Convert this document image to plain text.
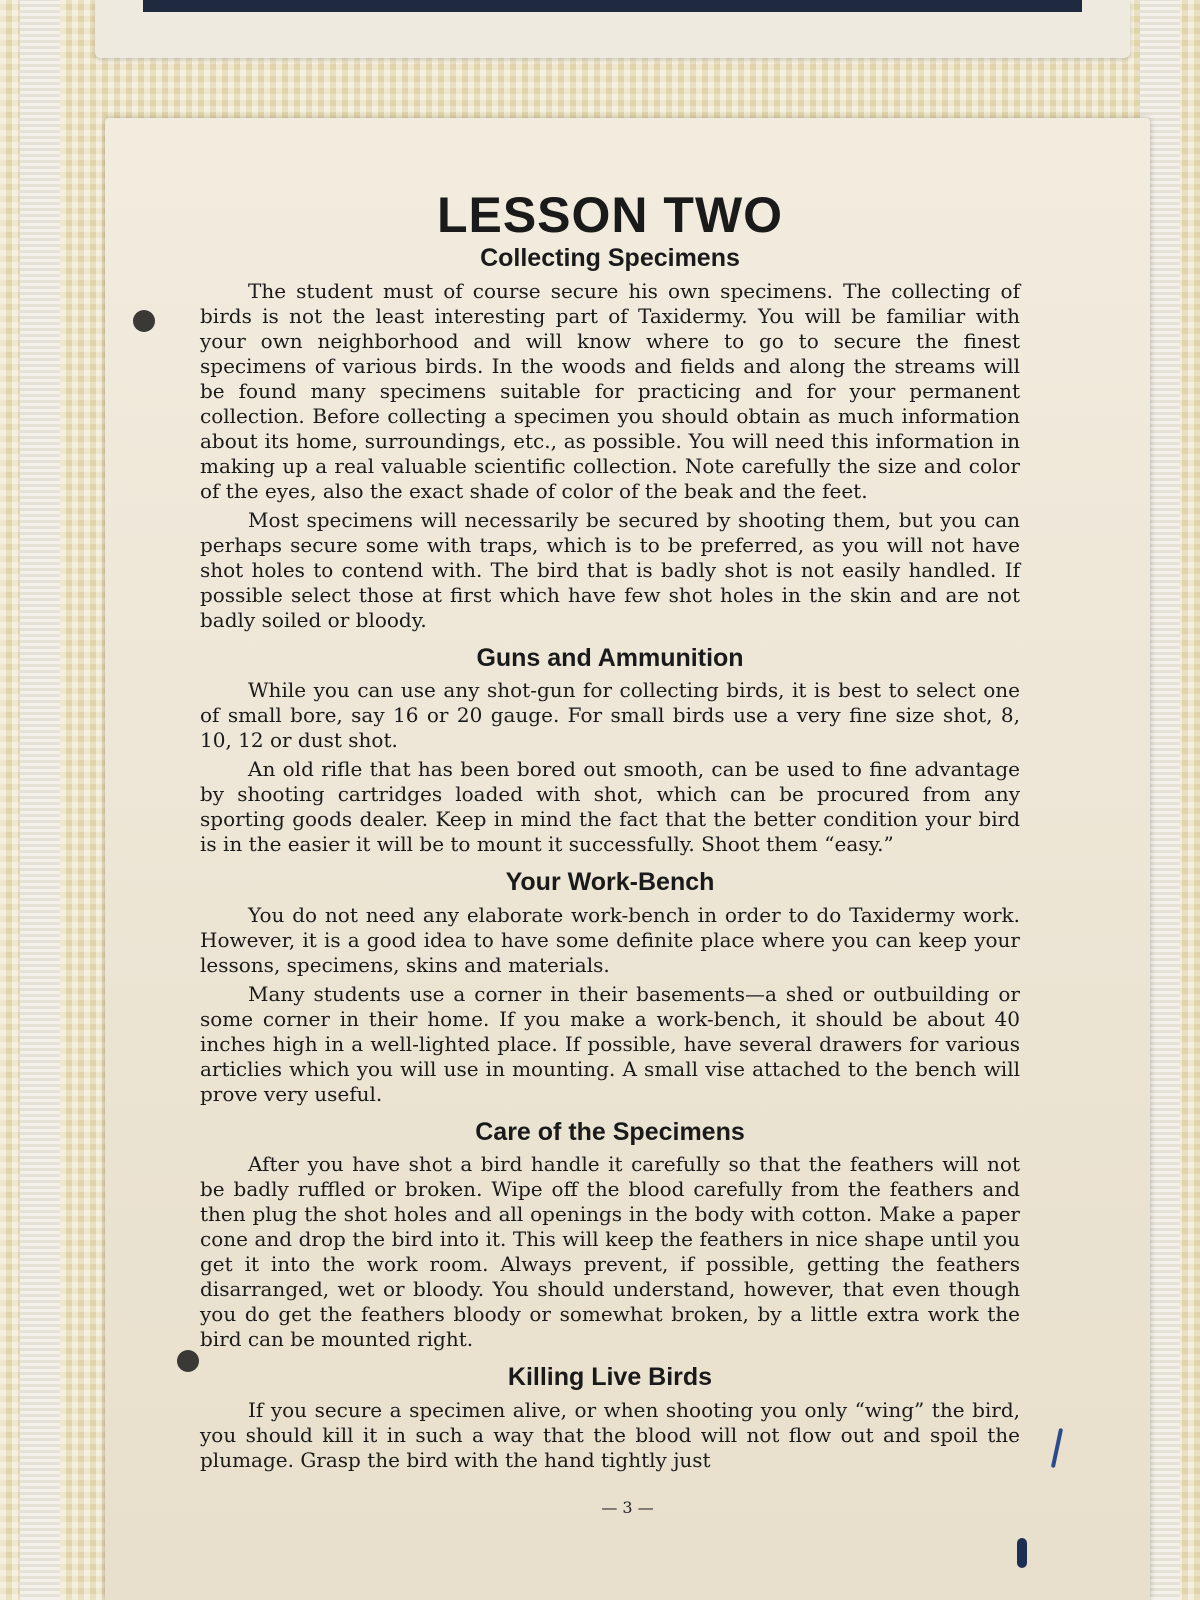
LESSON TWO
Collecting Specimens

The student must of course secure his own specimens. The collecting of birds is not the least interesting part of Taxidermy. You will be familiar with your own neighborhood and will know where to go to secure the finest specimens of various birds. In the woods and fields and along the streams will be found many specimens suitable for practicing and for your permanent collection. Before collecting a specimen you should obtain as much information about its home, surroundings, etc., as possible. You will need this information in making up a real valuable scientific collection. Note carefully the size and color of the eyes, also the exact shade of color of the beak and the feet.

Most specimens will necessarily be secured by shooting them, but you can perhaps secure some with traps, which is to be preferred, as you will not have shot holes to contend with. The bird that is badly shot is not easily handled. If possible select those at first which have few shot holes in the skin and are not badly soiled or bloody.

Guns and Ammunition

While you can use any shot-gun for collecting birds, it is best to select one of small bore, say 16 or 20 gauge. For small birds use a very fine size shot, 8, 10, 12 or dust shot.

An old rifle that has been bored out smooth, can be used to fine advantage by shooting cartridges loaded with shot, which can be procured from any sporting goods dealer. Keep in mind the fact that the better condition your bird is in the easier it will be to mount it successfully. Shoot them “easy.”

Your Work-Bench

You do not need any elaborate work-bench in order to do Taxidermy work. However, it is a good idea to have some definite place where you can keep your lessons, specimens, skins and materials.

Many students use a corner in their basements—a shed or outbuilding or some corner in their home. If you make a work-bench, it should be about 40 inches high in a well-lighted place. If possible, have several drawers for various articlies which you will use in mounting. A small vise attached to the bench will prove very useful.

Care of the Specimens

After you have shot a bird handle it carefully so that the feathers will not be badly ruffled or broken. Wipe off the blood carefully from the feathers and then plug the shot holes and all openings in the body with cotton. Make a paper cone and drop the bird into it. This will keep the feathers in nice shape until you get it into the work room. Always prevent, if possible, getting the feathers disarranged, wet or bloody. You should understand, however, that even though you do get the feathers bloody or somewhat broken, by a little extra work the bird can be mounted right.

Killing Live Birds

If you secure a specimen alive, or when shooting you only “wing” the bird, you should kill it in such a way that the blood will not flow out and spoil the plumage. Grasp the bird with the hand tightly just

— 3 —
